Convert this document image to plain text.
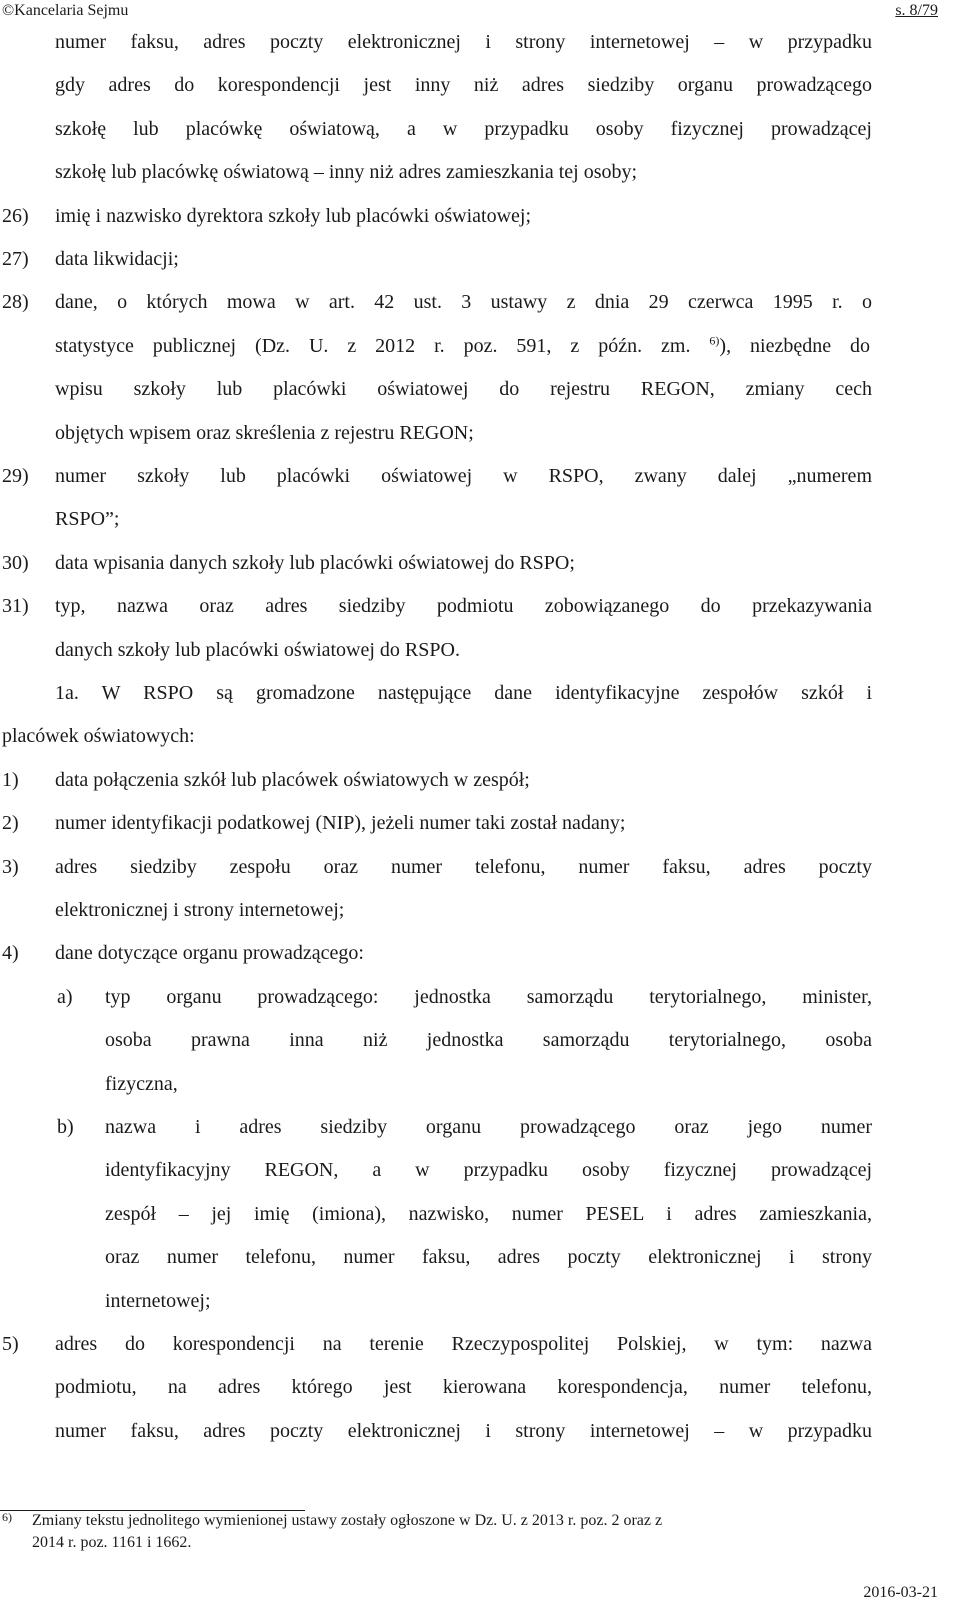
©Kancelaria Sejmu	s. 8/79
numer faksu, adres poczty elektronicznej i strony internetowej – w przypadku
gdy adres do korespondencji jest inny niż adres siedziby organu prowadzącego
szkołę lub placówkę oświatową, a w przypadku osoby fizycznej prowadzącej
szkołę lub placówkę oświatową – inny niż adres zamieszkania tej osoby;
26) imię i nazwisko dyrektora szkoły lub placówki oświatowej;
27) data likwidacji;
28) dane, o których mowa w art. 42 ust. 3 ustawy z dnia 29 czerwca 1995 r. o
statystyce publicznej (Dz. U. z 2012 r. poz. 591, z późn. zm. $^{6)}$), niezbędne do
wpisu szkoły lub placówki oświatowej do rejestru REGON, zmiany cech
objętych wpisem oraz skreślenia z rejestru REGON;
29) numer szkoły lub placówki oświatowej w RSPO, zwany dalej „numerem
RSPO”;
30) data wpisania danych szkoły lub placówki oświatowej do RSPO;
31) typ, nazwa oraz adres siedziby podmiotu zobowiązanego do przekazywania
danych szkoły lub placówki oświatowej do RSPO.
1a. W RSPO są gromadzone następujące dane identyfikacyjne zespołów szkół i
placówek oświatowych:
1) data połączenia szkół lub placówek oświatowych w zespół;
2) numer identyfikacji podatkowej (NIP), jeżeli numer taki został nadany;
3) adres siedziby zespołu oraz numer telefonu, numer faksu, adres poczty
elektronicznej i strony internetowej;
4) dane dotyczące organu prowadzącego:
a) typ organu prowadzącego: jednostka samorządu terytorialnego, minister,
osoba prawna inna niż jednostka samorządu terytorialnego, osoba
fizyczna,
b) nazwa i adres siedziby organu prowadzącego oraz jego numer
identyfikacyjny REGON, a w przypadku osoby fizycznej prowadzącej
zespół – jej imię (imiona), nazwisko, numer PESEL i adres zamieszkania,
oraz numer telefonu, numer faksu, adres poczty elektronicznej i strony
internetowej;
5) adres do korespondencji na terenie Rzeczypospolitej Polskiej, w tym: nazwa
podmiotu, na adres którego jest kierowana korespondencja, numer telefonu,
numer faksu, adres poczty elektronicznej i strony internetowej – w przypadku
6) Zmiany tekstu jednolitego wymienionej ustawy zostały ogłoszone w Dz. U. z 2013 r. poz. 2 oraz z
2014 r. poz. 1161 i 1662.
2016-03-21
